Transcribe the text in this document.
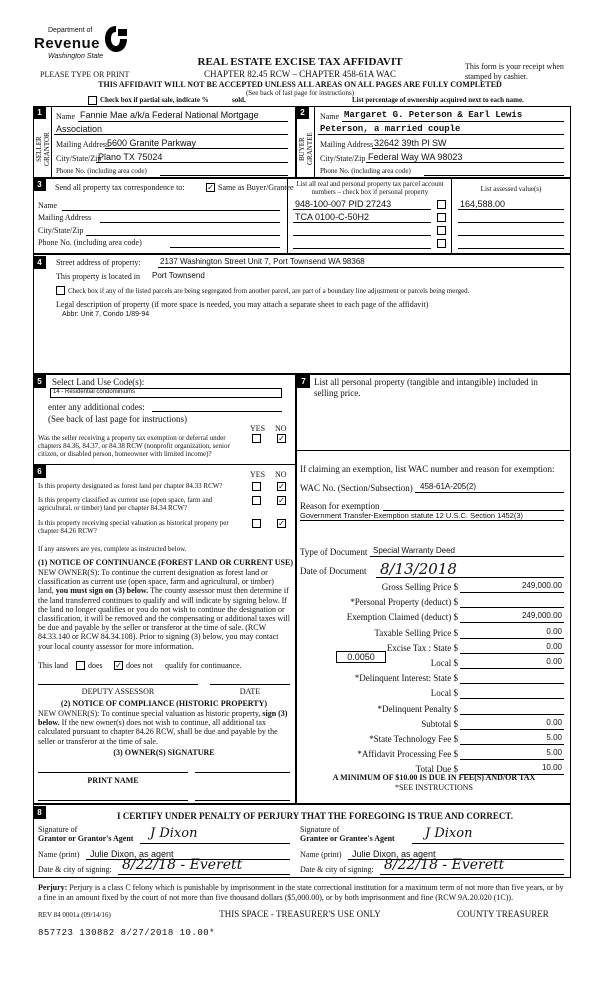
Department of
Revenue
Washington State	REAL ESTATE EXCISE TAX AFFIDAVIT
CHAPTER 82.45 RCW – CHAPTER 458-61A WAC
PLEASE TYPE OR PRINT
This form is your receipt when stamped by cashier.
THIS AFFIDAVIT WILL NOT BE ACCEPTED UNLESS ALL AREAS ON ALL PAGES ARE FULLY COMPLETED
(See back of last page for instructions)
Check box if partial sale, indicate %	sold.	List percentage of ownership acquired next to each name.
1	2
SELLER GRANTOR	BUYER GRANTEE
Name Fannie Mae a/k/a Federal National Mortgage
Association
Mailing Address
5600 Granite Parkway
City/State/Zip
Plano TX 75024
Phone No. (including area code)
Name Margaret G. Peterson & Earl Lewis
Peterson, a married couple
Mailing Address 32642 39th Pl SW
City/State/Zip Federal Way WA 98023
Phone No. (including area code)
3	Send all property tax correspondence to:	✓ Same as Buyer/Grantee
Name
Mailing Address
City/State/Zip
Phone No. (including area code)
List all real and personal property tax parcel account numbers – check box if personal property	List assessed value(s)
948-100-007 PID 27243	164,588.00
TCA 0100-C-50H2
4	Street address of property: 2137 Washington Street Unit 7, Port Townsend WA 98368
This property is located in Port Townsend
Check box if any of the listed parcels are being segregated from another parcel, are part of a boundary line adjustment or parcels being merged.
Legal description of property (if more space is needed, you may attach a separate sheet to each page of the affidavit)
Abbr: Unit 7, Condo 1/89-94
5	Select Land Use Code(s):
14 - Residential condominiums
enter any additional codes:
(See back of last page for instructions)
YES NO
Was the seller receiving a property tax exemption or deferral under chapters 84.36, 84.37, or 84.38 RCW (nonprofit organization, senior citizen, or disabled person, homeowner with limited income)?
✓
6	YES NO
Is this property designated as forest land per chapter 84.33 RCW?	✓
Is this property classified as current use (open space, farm and agricultural, or timber) land per chapter 84.34 RCW?
✓
Is this property receiving special valuation as historical property per chapter 84.26 RCW?
✓
If any answers are yes, complete as instructed below.
(1) NOTICE OF CONTINUANCE (FOREST LAND OR CURRENT USE)
NEW OWNER(S): To continue the current designation as forest land or classification as current use (open space, farm and agricultural, or timber) land, you must sign on (3) below. The county assessor must then determine if the land transferred continues to qualify and will indicate by signing below. If the land no longer qualifies or you do not wish to continue the designation or classification, it will be removed and the compensating or additional taxes will be due and payable by the seller or transferor at the time of sale. (RCW 84.33.140 or RCW 84.34.108). Prior to signing (3) below, you may contact your local county assessor for more information.
This land	does ✓ does not qualify for continuance.
DEPUTY ASSESSOR	DATE
(2) NOTICE OF COMPLIANCE (HISTORIC PROPERTY)
NEW OWNER(S): To continue special valuation as historic property, sign (3) below. If the new owner(s) does not wish to continue, all additional tax calculated pursuant to chapter 84.26 RCW, shall be due and payable by the seller or transferor at the time of sale.
(3) OWNER(S) SIGNATURE
PRINT NAME
7 List all personal property (tangible and intangible) included in selling price.
If claiming an exemption, list WAC number and reason for exemption:
WAC No. (Section/Subsection) 458-61A-205(2)
Reason for exemption
Government Transfer-Exemption statute 12 U.S.C. Section 1452(3)
Type of Document Special Warranty Deed
Date of Document 8/13/2018
Gross Selling Price $	249,000.00
*Personal Property (deduct) $
Exemption Claimed (deduct) $	249,000.00
Taxable Selling Price $	0.00
Excise Tax : State $	0.00
Local $	0.00
*Delinquent Interest: State $
Local $
*Delinquent Penalty $
Subtotal $	0.00
*State Technology Fee $	5.00
*Affidavit Processing Fee $	5.00
Total Due $	10.00
0.0050
A MINIMUM OF $10.00 IS DUE IN FEE(S) AND/OR TAX
*SEE INSTRUCTIONS
8	I CERTIFY UNDER PENALTY OF PERJURY THAT THE FOREGOING IS TRUE AND CORRECT.
Signature of
Grantor or Grantor's Agent J Dixon
Name (print) Julie Dixon, as agent
Date & city of signing: 8/22/18 - Everett
Signature of
Grantee or Grantee's Agent J Dixon
Name (print) Julie Dixon, as agent
Date & city of signing: 8/22/18 - Everett
Perjury: Perjury is a class C felony which is punishable by imprisonment in the state correctional institution for a maximum term of not more than five years, or by a fine in an amount fixed by the court of not more than five thousand dollars ($5,000.00), or by both imprisonment and fine (RCW 9A.20.020 (1C)).
REV 84 0001a (09/14/16)	THIS SPACE - TREASURER'S USE ONLY	COUNTY TREASURER
857723 130882 8/27/2018 10.00*
